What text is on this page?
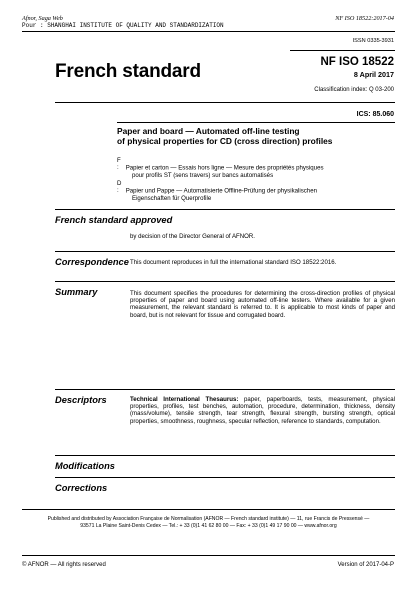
Afnor, Saga Web
Pour : SHANGHAI INSTITUTE OF QUALITY AND STANDARDIZATION
NF ISO 18522:2017-04
ISSN 0335-3931
French standard	NF ISO 18522
8 April 2017
Classification index: Q 03-200
ICS: 85.060
Paper and board — Automated off-line testing
of physical properties for CD (cross direction) profiles
F : Papier et carton — Essais hors ligne — Mesure des propriétés physiques
pour profils ST (sens travers) sur bancs automatisés
D : Papier und Pappe — Automatisierte Offline-Prüfung der physikalischen
Eigenschaften für Querprofile
French standard approved
by decision of the Director General of AFNOR.
Correspondence This document reproduces in full the international standard ISO 18522:2016.
Summary	This document specifies the procedures for determining the cross-direction profiles of physical properties of paper and board using automated off-line testers. Where available for a given measurement, the relevant standard is referred to. It is applicable to most kinds of paper and board, but is not relevant for tissue and corrugated board.
Descriptors	Technical International Thesaurus: paper, paperboards, tests, measurement, physical properties, profiles, test benches, automation, procedure, determination, thickness, density (mass/volume), tensile strength, tear strength, flexural strength, bursting strength, optical properties, smoothness, roughness, specular reflection, reference to standards, computation.
Modifications
Corrections
Published and distributed by Association Française de Normalisation (AFNOR — French standard institute) — 11, rue Francis de Pressensé —
93571 La Plaine Saint-Denis Cedex — Tel.: + 33 (0)1 41 62 80 00 — Fax: + 33 (0)1 49 17 90 00 — www.afnor.org
© AFNOR — All rights reserved	Version of 2017-04-P
